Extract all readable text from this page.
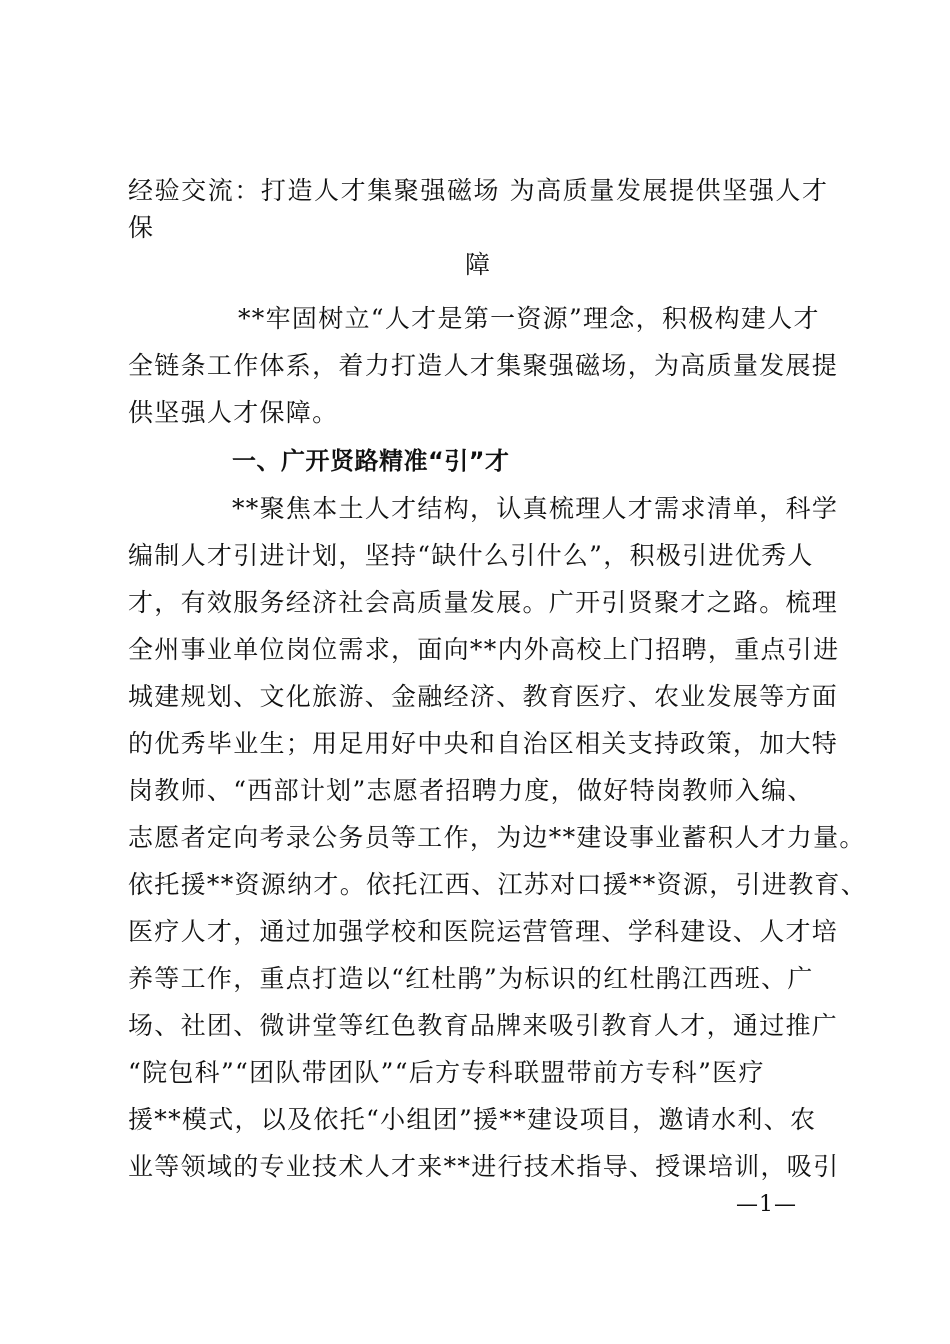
经验交流：打造人才集聚强磁场 为高质量发展提供坚强人才保
障
**牢固树立“人才是第一资源”理念，积极构建人才
全链条工作体系，着力打造人才集聚强磁场，为高质量发展提
供坚强人才保障。
一、广开贤路精准“引”才
**聚焦本土人才结构，认真梳理人才需求清单，科学
编制人才引进计划，坚持“缺什么引什么”，积极引进优秀人
才，有效服务经济社会高质量发展。广开引贤聚才之路。梳理
全州事业单位岗位需求，面向**内外高校上门招聘，重点引进
城建规划、文化旅游、金融经济、教育医疗、农业发展等方面
的优秀毕业生；用足用好中央和自治区相关支持政策，加大特
岗教师、“西部计划”志愿者招聘力度，做好特岗教师入编、
志愿者定向考录公务员等工作，为边**建设事业蓄积人才力量。
依托援**资源纳才。依托江西、江苏对口援**资源，引进教育、
医疗人才，通过加强学校和医院运营管理、学科建设、人才培
养等工作，重点打造以“红杜鹃”为标识的红杜鹃江西班、广
场、社团、微讲堂等红色教育品牌来吸引教育人才，通过推广
“院包科”“团队带团队”“后方专科联盟带前方专科”医疗
援**模式，以及依托“小组团”援**建设项目，邀请水利、农
业等领域的专业技术人才来**进行技术指导、授课培训，吸引
—1—
